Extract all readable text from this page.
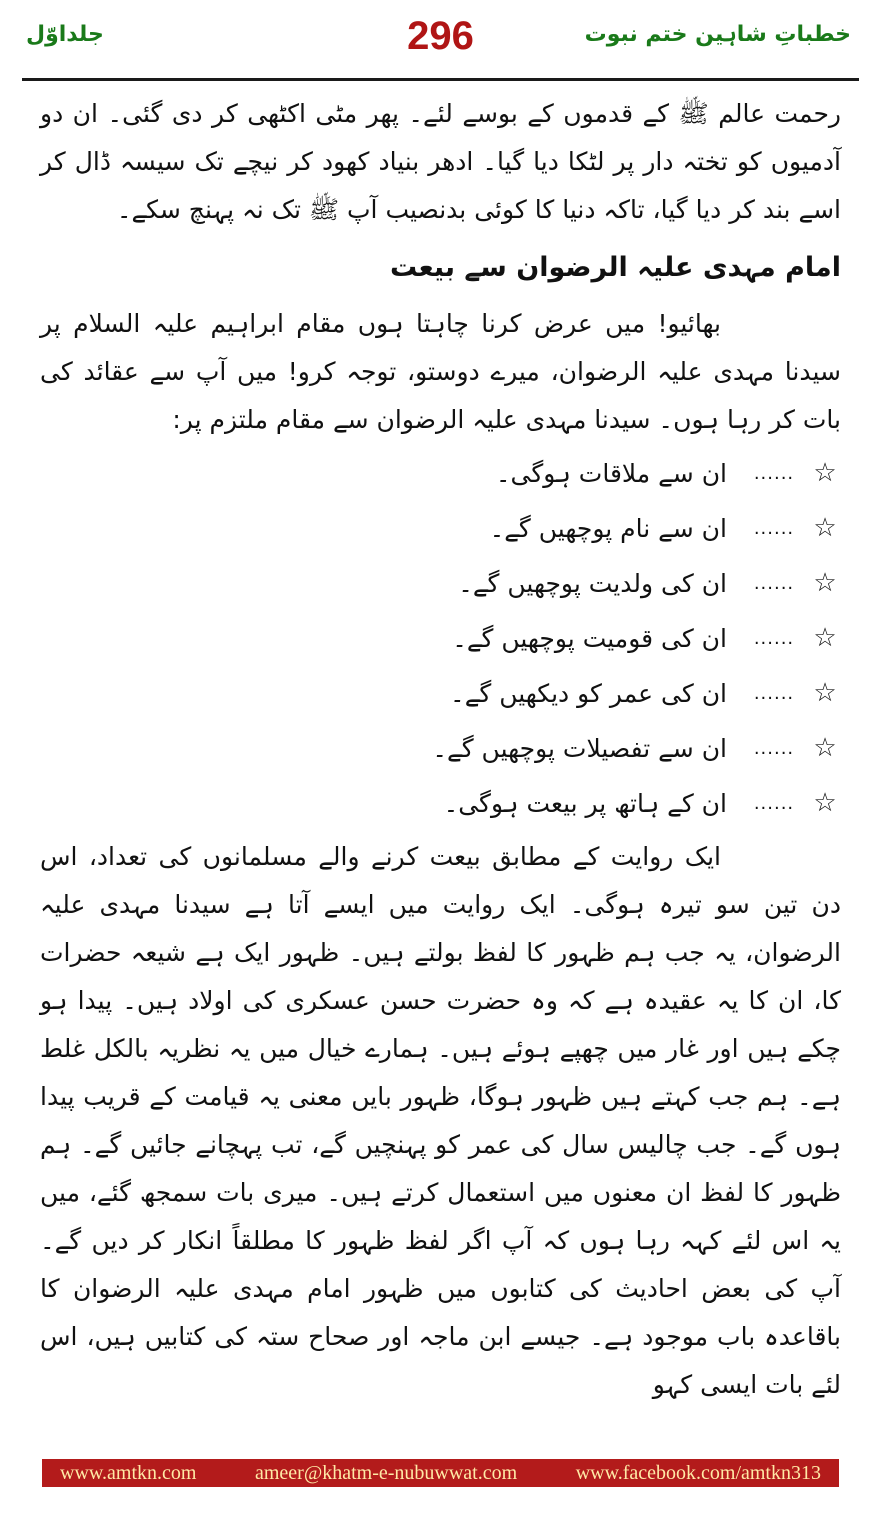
خطباتِ شاہین ختم نبوت
296
جلداوّل

رحمت عالم ﷺ کے قدموں کے بوسے لئے۔ پھر مٹی اکٹھی کر دی گئی۔ ان دو آدمیوں کو تختہ دار پر لٹکا دیا گیا۔ ادھر بنیاد کھود کر نیچے تک سیسہ ڈال کر اسے بند کر دیا گیا، تاکہ دنیا کا کوئی بدنصیب آپ ﷺ تک نہ پہنچ سکے۔

امام مہدی علیہ الرضوان سے بیعت

بھائیو! میں عرض کرنا چاہتا ہوں مقام ابراہیم علیہ السلام پر سیدنا مہدی علیہ الرضوان، میرے دوستو، توجہ کرو! میں آپ سے عقائد کی بات کر رہا ہوں۔ سیدنا مہدی علیہ الرضوان سے مقام ملتزم پر:

☆
......
ان سے ملاقات ہوگی۔
☆
......
ان سے نام پوچھیں گے۔
☆
......
ان کی ولدیت پوچھیں گے۔
☆
......
ان کی قومیت پوچھیں گے۔
☆
......
ان کی عمر کو دیکھیں گے۔
☆
......
ان سے تفصیلات پوچھیں گے۔
☆
......
ان کے ہاتھ پر بیعت ہوگی۔

ایک روایت کے مطابق بیعت کرنے والے مسلمانوں کی تعداد، اس دن تین سو تیرہ ہوگی۔ ایک روایت میں ایسے آتا ہے سیدنا مہدی علیہ الرضوان، یہ جب ہم ظہور کا لفظ بولتے ہیں۔ ظہور ایک ہے شیعہ حضرات کا، ان کا یہ عقیدہ ہے کہ وہ حضرت حسن عسکری کی اولاد ہیں۔ پیدا ہو چکے ہیں اور غار میں چھپے ہوئے ہیں۔ ہمارے خیال میں یہ نظریہ بالکل غلط ہے۔ ہم جب کہتے ہیں ظہور ہوگا، ظہور بایں معنی یہ قیامت کے قریب پیدا ہوں گے۔ جب چالیس سال کی عمر کو پہنچیں گے، تب پہچانے جائیں گے۔ ہم ظہور کا لفظ ان معنوں میں استعمال کرتے ہیں۔ میری بات سمجھ گئے، میں یہ اس لئے کہہ رہا ہوں کہ آپ اگر لفظ ظہور کا مطلقاً انکار کر دیں گے۔ آپ کی بعض احادیث کی کتابوں میں ظہور امام مہدی علیہ الرضوان کا باقاعدہ باب موجود ہے۔ جیسے ابن ماجہ اور صحاح ستہ کی کتابیں ہیں، اس لئے بات ایسی کہو

www.amtkn.com	ameer@khatm-e-nubuwwat.com	www.facebook.com/amtkn313
